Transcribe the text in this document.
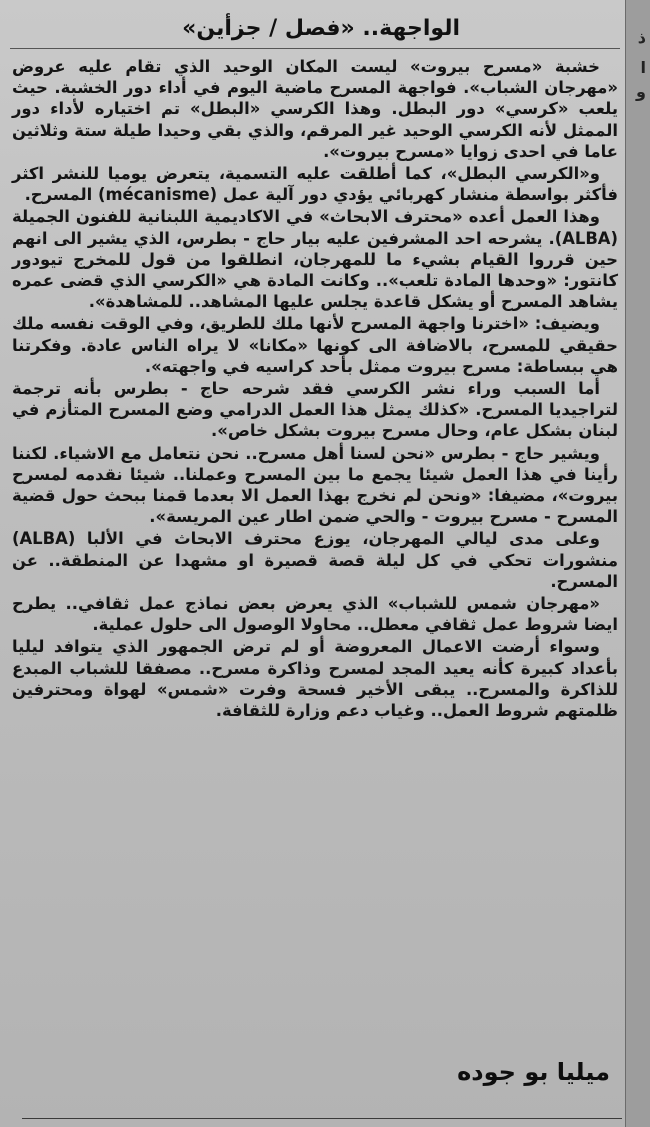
الواجهة.. «فصل / جزأين»

خشبة «مسرح بيروت» ليست المكان الوحيد الذي تقام عليه عروض «مهرجان الشباب». فواجهة المسرح ماضية اليوم في أداء دور الخشبة. حيث يلعب «كرسي» دور البطل. وهذا الكرسي «البطل» تم اختياره لأداء دور الممثل لأنه الكرسي الوحيد غير المرقم، والذي بقي وحيدا طيلة ستة وثلاثين عاما في احدى زوايا «مسرح بيروت».

و«الكرسي البطل»، كما أطلقت عليه التسمية، يتعرض يوميا للنشر اكثر فأكثر بواسطة منشار كهربائي يؤدي دور آلية عمل (mécanisme) المسرح.

وهذا العمل أعده «محترف الابحاث» في الاكاديمية اللبنانية للفنون الجميلة (ALBA). يشرحه احد المشرفين عليه بيار حاج - بطرس، الذي يشير الى انهم حين قرروا القيام بشيء ما للمهرجان، انطلقوا من قول للمخرج تيودور كانتور: «وحدها المادة تلعب».. وكانت المادة هي «الكرسي الذي قضى عمره يشاهد المسرح أو يشكل قاعدة يجلس عليها المشاهد.. للمشاهدة».

ويضيف: «اخترنا واجهة المسرح لأنها ملك للطريق، وفي الوقت نفسه ملك حقيقي للمسرح، بالاضافة الى كونها «مكانا» لا يراه الناس عادة. وفكرتنا هي ببساطة: مسرح بيروت ممثل بأحد كراسيه في واجهته».

أما السبب وراء نشر الكرسي فقد شرحه حاج - بطرس بأنه ترجمة لتراجيديا المسرح. «كذلك يمثل هذا العمل الدرامي وضع المسرح المتأزم في لبنان بشكل عام، وحال مسرح بيروت بشكل خاص».

ويشير حاج - بطرس «نحن لسنا أهل مسرح.. نحن نتعامل مع الاشياء. لكننا رأينا في هذا العمل شيئا يجمع ما بين المسرح وعملنا.. شيئا نقدمه لمسرح بيروت»، مضيفا: «ونحن لم نخرج بهذا العمل الا بعدما قمنا ببحث حول قضية المسرح - مسرح بيروت - والحي ضمن اطار عين المريسة».

وعلى مدى ليالي المهرجان، يوزع محترف الابحاث في الألبا (ALBA) منشورات تحكي في كل ليلة قصة قصيرة او مشهدا عن المنطقة.. عن المسرح.

«مهرجان شمس للشباب» الذي يعرض بعض نماذج عمل ثقافي.. يطرح ايضا شروط عمل ثقافي معطل.. محاولا الوصول الى حلول عملية.

وسواء أرضت الاعمال المعروضة أو لم ترض الجمهور الذي يتوافد ليليا بأعداد كبيرة كأنه يعيد المجد لمسرح وذاكرة مسرح.. مصفقا للشباب المبدع للذاكرة والمسرح.. يبقى الأخير فسحة وفرت «شمس» لهواة ومحترفين ظلمتهم شروط العمل.. وغياب دعم وزارة للثقافة.

ميليا بو جوده

ذ
ا
و
